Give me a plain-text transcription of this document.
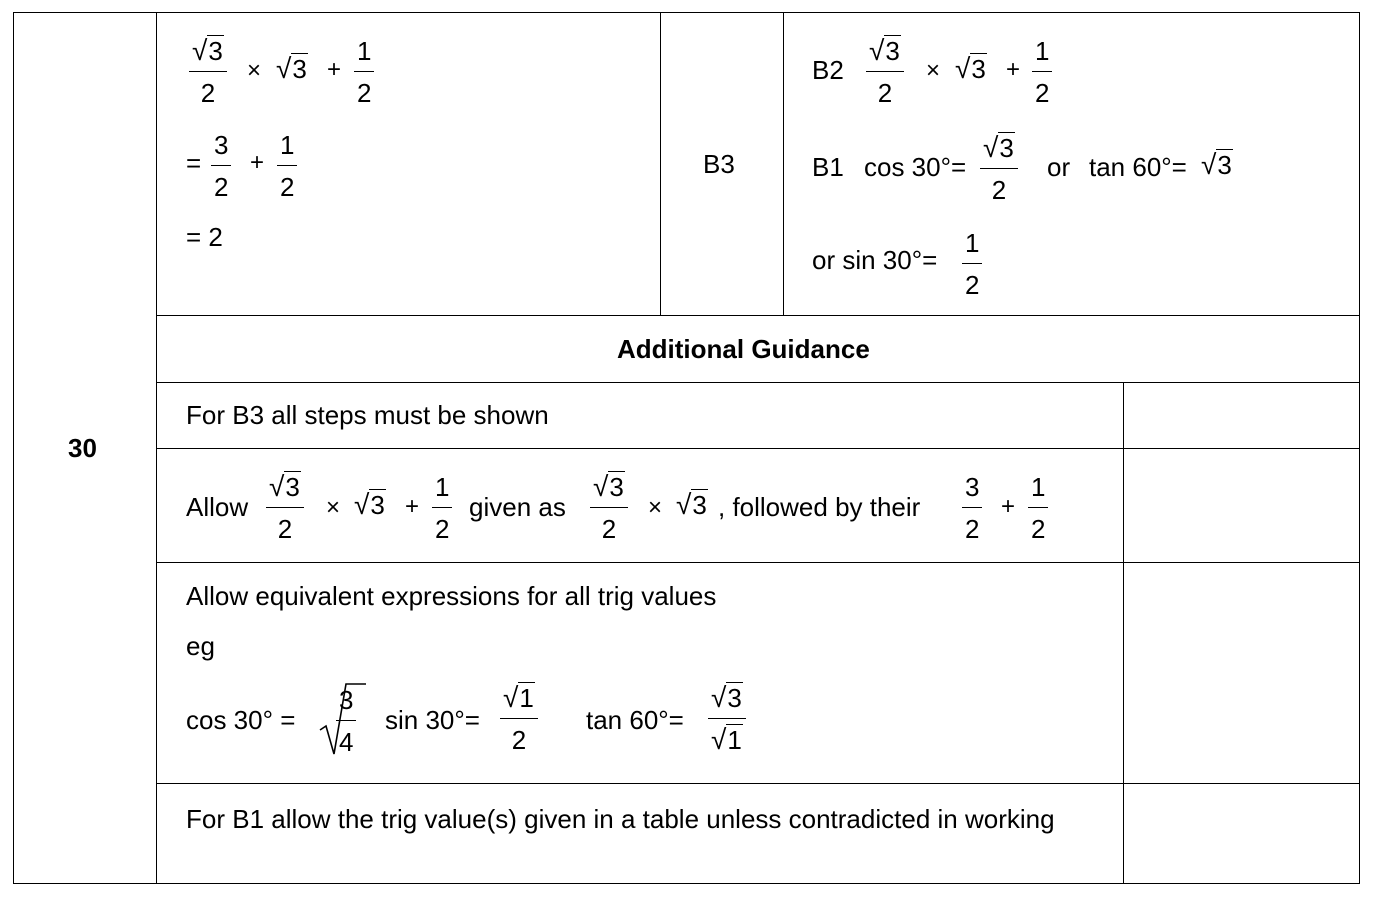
30
√3
2
× √3 +
1
2
=
3
2
+
1
2
= 2
B3
B2
√3
2
× √3 +
1
2
B1 cos 30°=
√3
2
or tan 60°= √3
or sin 30°=
1
2
Additional Guidance
For B3 all steps must be shown
Allow
√3
2
× √3 +
1
2
given as
√3
2
× √3 , followed by their
3
2
+
1
2
Allow equivalent expressions for all trig values
eg
cos 30° =
3
4
sin 30°=
√1
2
tan 60°=
√3
√1
For B1 allow the trig value(s) given in a table unless contradicted in working
